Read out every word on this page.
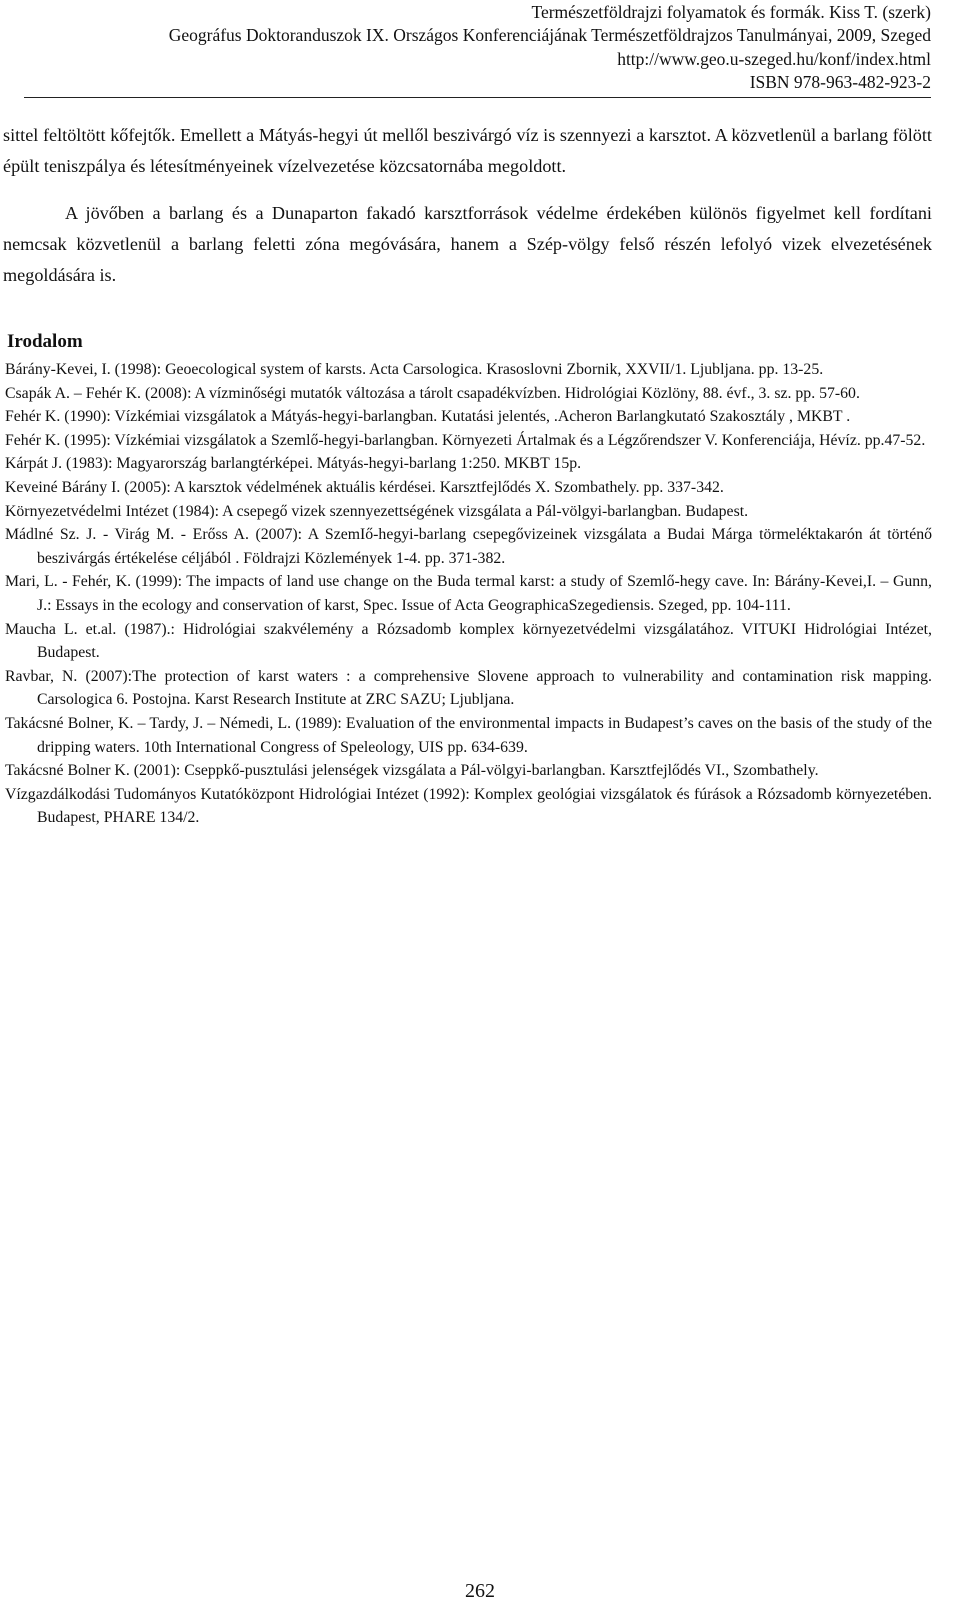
Természetföldrajzi folyamatok és formák. Kiss T. (szerk)
Geográfus Doktoranduszok IX. Országos Konferenciájának Természetföldrajzos Tanulmányai, 2009, Szeged
http://www.geo.u-szeged.hu/konf/index.html
ISBN 978-963-482-923-2

sittel feltöltött kőfejtők. Emellett a Mátyás-hegyi út mellől beszivárgó víz is szennyezi a karsztot. A közvetlenül a barlang fölött épült teniszpálya és létesítményeinek vízelvezetése közcsatornába megoldott.

A jövőben a barlang és a Dunaparton fakadó karsztforrások védelme érdekében különös figyelmet kell fordítani nemcsak közvetlenül a barlang feletti zóna megóvására, hanem a Szép-völgy felső részén lefolyó vizek elvezetésének megoldására is.

Irodalom

Bárány-Kevei, I. (1998): Geoecological system of karsts. Acta Carsologica. Krasoslovni Zbornik, XXVII/1. Ljubljana. pp. 13-25.

Csapák A. – Fehér K. (2008): A vízminőségi mutatók változása a tárolt csapadékvízben. Hidrológiai Közlöny, 88. évf., 3. sz. pp. 57-60.

Fehér K. (1990): Vízkémiai vizsgálatok a Mátyás-hegyi-barlangban. Kutatási jelentés, .Acheron Barlangkutató Szakosztály , MKBT .

Fehér K. (1995): Vízkémiai vizsgálatok a Szemlő-hegyi-barlangban. Környezeti Ártalmak és a Légzőrendszer V. Konferenciája, Hévíz. pp.47-52.

Kárpát J. (1983): Magyarország barlangtérképei. Mátyás-hegyi-barlang 1:250. MKBT 15p.

Keveiné Bárány I. (2005): A karsztok védelmének aktuális kérdései. Karsztfejlődés X. Szombathely. pp. 337-342.

Környezetvédelmi Intézet (1984): A csepegő vizek szennyezettségének vizsgálata a Pál-völgyi-barlangban. Budapest.

Mádlné Sz. J. - Virág M. - Erőss A. (2007): A SzemIő-hegyi-barlang csepegővizeinek vizsgálata a Budai Márga törmeléktakarón át történő beszivárgás értékelése céljából . Földrajzi Közlemények 1-4. pp. 371-382.

Mari, L. - Fehér, K. (1999): The impacts of land use change on the Buda termal karst: a study of Szemlő-hegy cave. In: Bárány-Kevei,I. – Gunn, J.: Essays in the ecology and conservation of karst, Spec. Issue of Acta GeographicaSzegediensis. Szeged, pp. 104-111.

Maucha L. et.al. (1987).: Hidrológiai szakvélemény a Rózsadomb komplex környezetvédelmi vizsgálatához. VITUKI Hidrológiai Intézet, Budapest.

Ravbar, N. (2007):The protection of karst waters : a comprehensive Slovene approach to vulnerability and contamination risk mapping. Carsologica 6. Postojna. Karst Research Institute at ZRC SAZU; Ljubljana.

Takácsné Bolner, K. – Tardy, J. – Némedi, L. (1989): Evaluation of the environmental impacts in Budapest’s caves on the basis of the study of the dripping waters. 10th International Congress of Speleology, UIS pp. 634-639.

Takácsné Bolner K. (2001): Cseppkő-pusztulási jelenségek vizsgálata a Pál-völgyi-barlangban. Karsztfejlődés VI., Szombathely.

Vízgazdálkodási Tudományos Kutatóközpont Hidrológiai Intézet (1992): Komplex geológiai vizsgálatok és fúrások a Rózsadomb környezetében. Budapest, PHARE 134/2.

262
